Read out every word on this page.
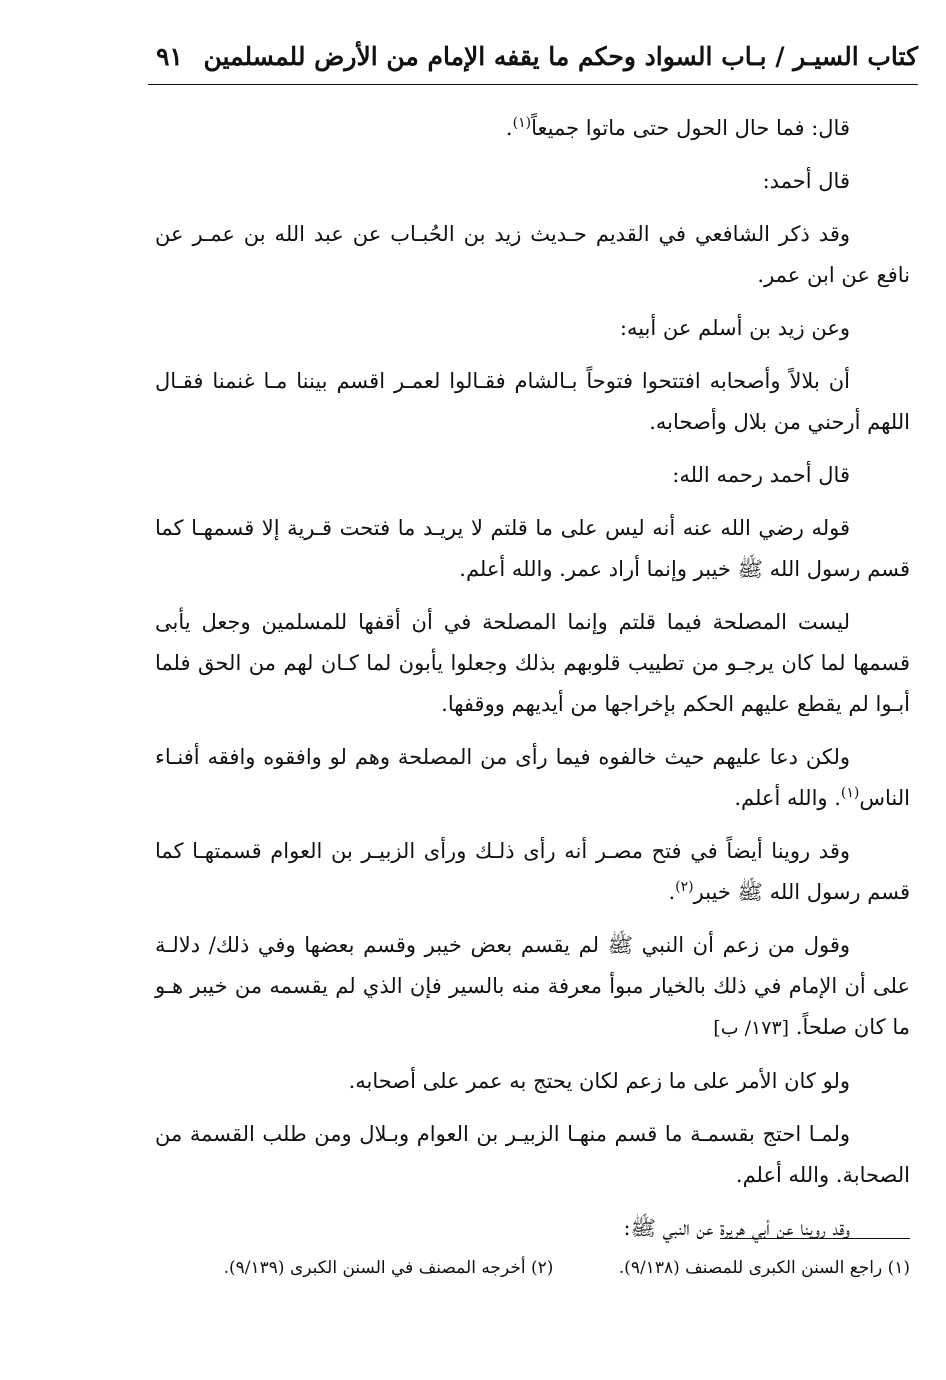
كتاب السيـر / بـاب السواد وحكم ما يقفه الإمام من الأرض للمسلمين
٩١

قال: فما حال الحول حتى ماتوا جميعاً$^{(١)}$.

قال أحمد:

وقد ذكر الشافعي في القديم حـديث زيد بن الحُبـاب عن عبد الله بن عمـر عن نافع عن ابن عمر.

وعن زيد بن أسلم عن أبيه:

أن بلالاً وأصحابه افتتحوا فتوحاً بـالشام فقـالوا لعمـر اقسم بيننا مـا غنمنا فقـال اللهم أرحني من بلال وأصحابه.

قال أحمد رحمه الله:

قوله رضي الله عنه أنه ليس على ما قلتم لا يريـد ما فتحت قـرية إلا قسمهـا كما قسم رسول الله ﷺ خيبر وإنما أراد عمر. والله أعلم.

ليست المصلحة فيما قلتم وإنما المصلحة في أن أقفها للمسلمين وجعل يأبى قسمها لما كان يرجـو من تطييب قلوبهم بذلك وجعلوا يأبون لما كـان لهم من الحق فلما أبـوا لم يقطع عليهم الحكم بإخراجها من أيديهم ووقفها.

ولكن دعا عليهم حيث خالفوه فيما رأى من المصلحة وهم لو وافقوه وافقه أفنـاء الناس$^{(١)}$. والله أعلم.

وقد روينا أيضاً في فتح مصـر أنه رأى ذلـك ورأى الزبيـر بن العوام قسمتهـا كما قسم رسول الله ﷺ خيبر$^{(٢)}$.

وقول من زعم أن النبي ﷺ لم يقسم بعض خيبر وقسم بعضها وفي ذلك/ دلالـة على أن الإمام في ذلك بالخيار مبوأ معرفة منه بالسير فإن الذي لم يقسمه من خيبر هـو ما كان صلحاً. [١٧٣/ ب]

ولو كان الأمر على ما زعم لكان يحتج به عمر على أصحابه.

ولمـا احتج بقسمـة ما قسم منهـا الزبيـر بن العوام وبـلال ومن طلب القسمة من الصحابة. والله أعلم.

وقد روينا عن أبي هريرة عن النبي ﷺ:

(١) راجع السنن الكبرى للمصنف (٩/١٣٨). (٢) أخرجه المصنف في السنن الكبرى (٩/١٣٩).
